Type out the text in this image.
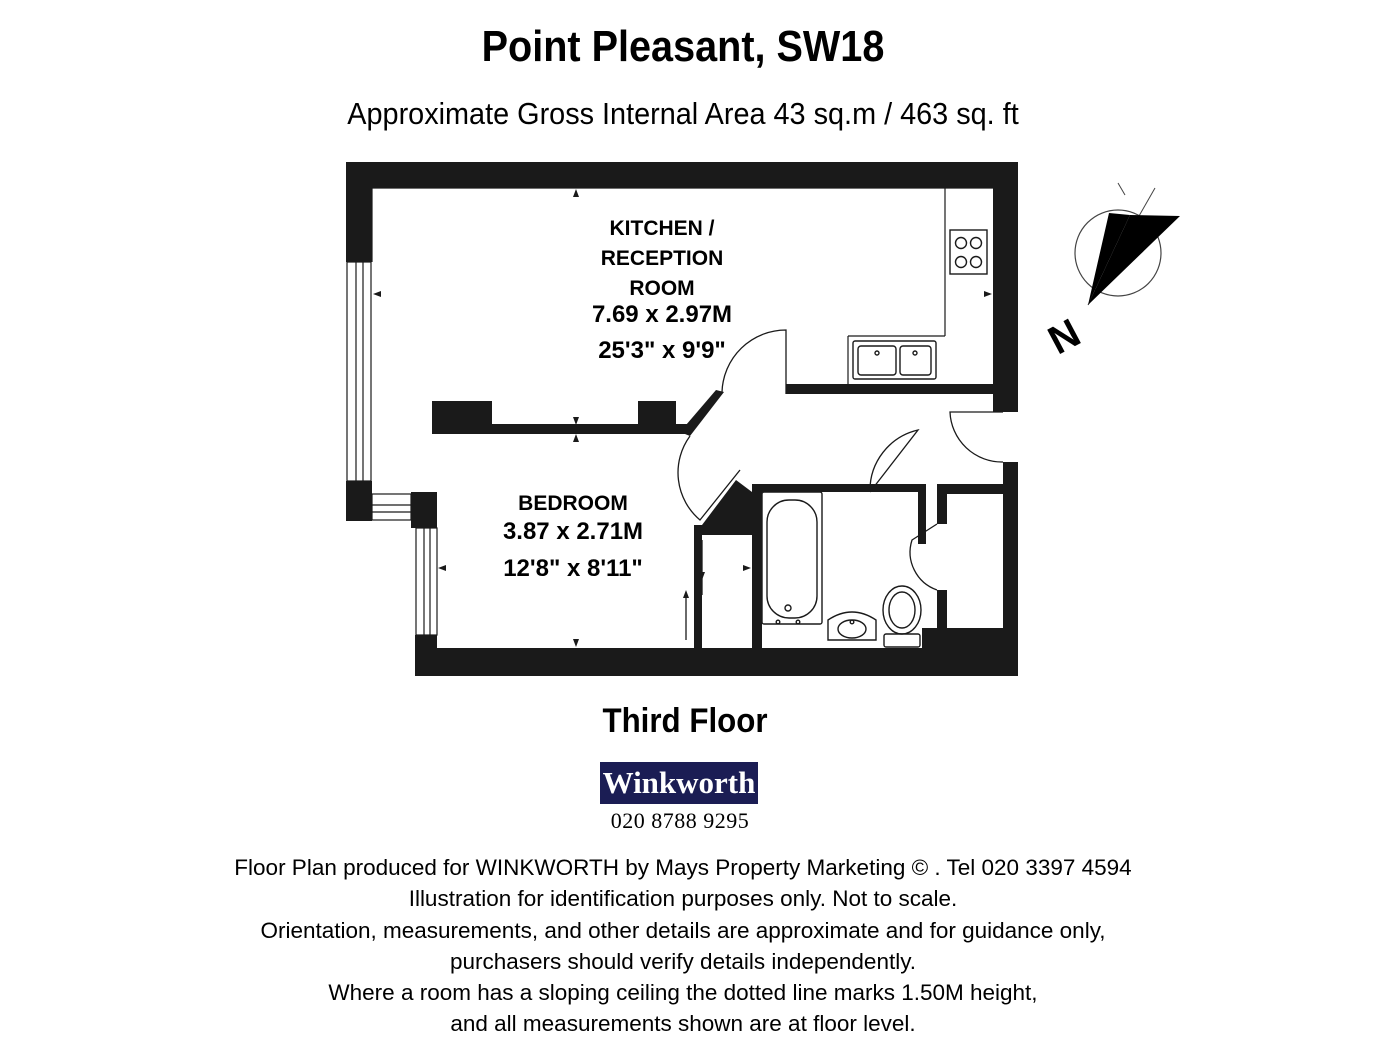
Point Pleasant, SW18
Approximate Gross Internal Area 43 sq.m / 463 sq. ft
KITCHEN /
RECEPTION
ROOM
7.69 x 2.97M
25'3" x 9'9"
BEDROOM
3.87 x 2.71M
12'8" x 8'11"
N
Third Floor
Winkworth
020 8788 9295
Floor Plan produced for WINKWORTH by Mays Property Marketing © . Tel 020 3397 4594
Illustration for identification purposes only. Not to scale.
Orientation, measurements, and other details are approximate and for guidance only,
purchasers should verify details independently.
Where a room has a sloping ceiling the dotted line marks 1.50M height,
and all measurements shown are at floor level.
